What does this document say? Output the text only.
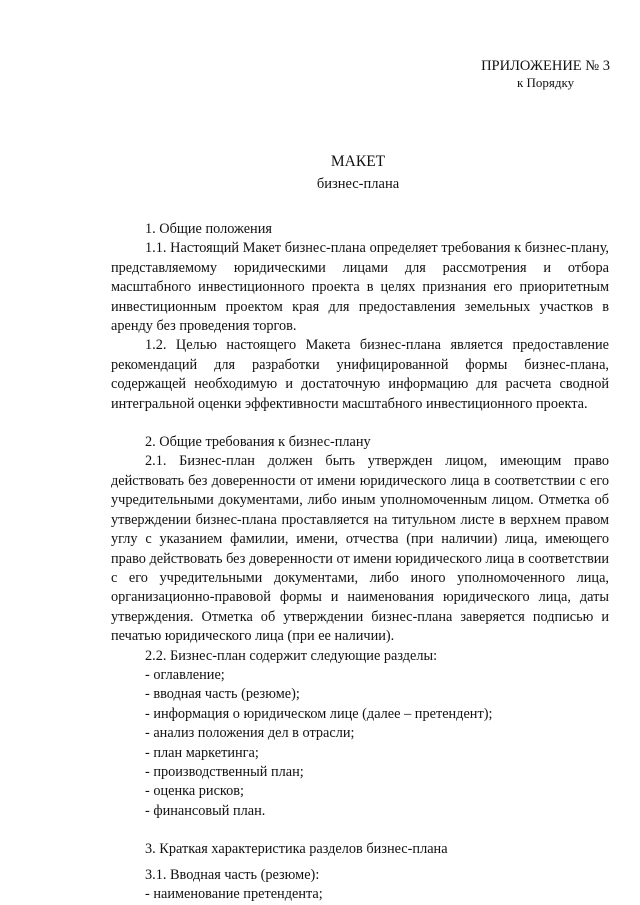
ПРИЛОЖЕНИЕ № 3
к Порядку
МАКЕТ
бизнес-плана

1. Общие положения

1.1. Настоящий Макет бизнес-плана определяет требования к бизнес-плану, представляемому юридическими лицами для рассмотрения и отбора масштабного инвестиционного проекта в целях признания его приоритетным инвестиционным проектом края для предоставления земельных участков в аренду без проведения торгов.

1.2. Целью настоящего Макета бизнес-плана является предоставление рекомендаций для разработки унифицированной формы бизнес-плана, содержащей необходимую и достаточную информацию для расчета сводной интегральной оценки эффективности масштабного инвестиционного проекта.

2. Общие требования к бизнес-плану

2.1. Бизнес-план должен быть утвержден лицом, имеющим право действовать без доверенности от имени юридического лица в соответствии с его учредительными документами, либо иным уполномоченным лицом. Отметка об утверждении бизнес-плана проставляется на титульном листе в верхнем правом углу с указанием фамилии, имени, отчества (при наличии) лица, имеющего право действовать без доверенности от имени юридического лица в соответствии с его учредительными документами, либо иного уполномоченного лица, организационно-правовой формы и наименования юридического лица, даты утверждения. Отметка об утверждении бизнес-плана заверяется подписью и печатью юридического лица (при ее наличии).

2.2. Бизнес-план содержит следующие разделы:

- оглавление;
- вводная часть (резюме);
- информация о юридическом лице (далее – претендент);
- анализ положения дел в отрасли;
- план маркетинга;
- производственный план;
- оценка рисков;
- финансовый план.

3. Краткая характеристика разделов бизнес-плана

3.1. Вводная часть (резюме):

- наименование претендента;
